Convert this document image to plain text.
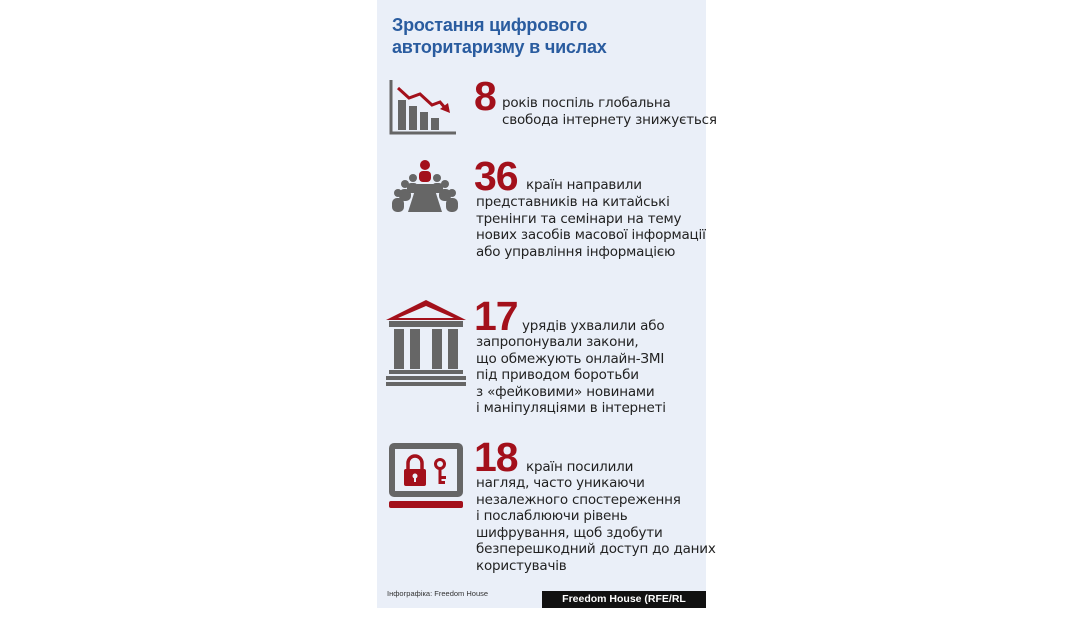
Зростання цифрового
авторитаризму в числах
8 років поспіль глобальна
свобода інтернету знижується
36 країн направили
представників на китайські
тренінги та семінари на тему
нових засобів масової інформації
або управління інформацією
17 урядів ухвалили або
запропонували закони,
що обмежують онлайн-ЗМІ
під приводом боротьби
з «фейковими» новинами
і маніпуляціями в інтернеті
18 країн посилили
нагляд, часто уникаючи
незалежного спостереження
і послаблюючи рівень
шифрування, щоб здобути
безперешкодний доступ до даних
користувачів
Інфографіка: Freedom House	Freedom House (RFE/RL Graphics)
